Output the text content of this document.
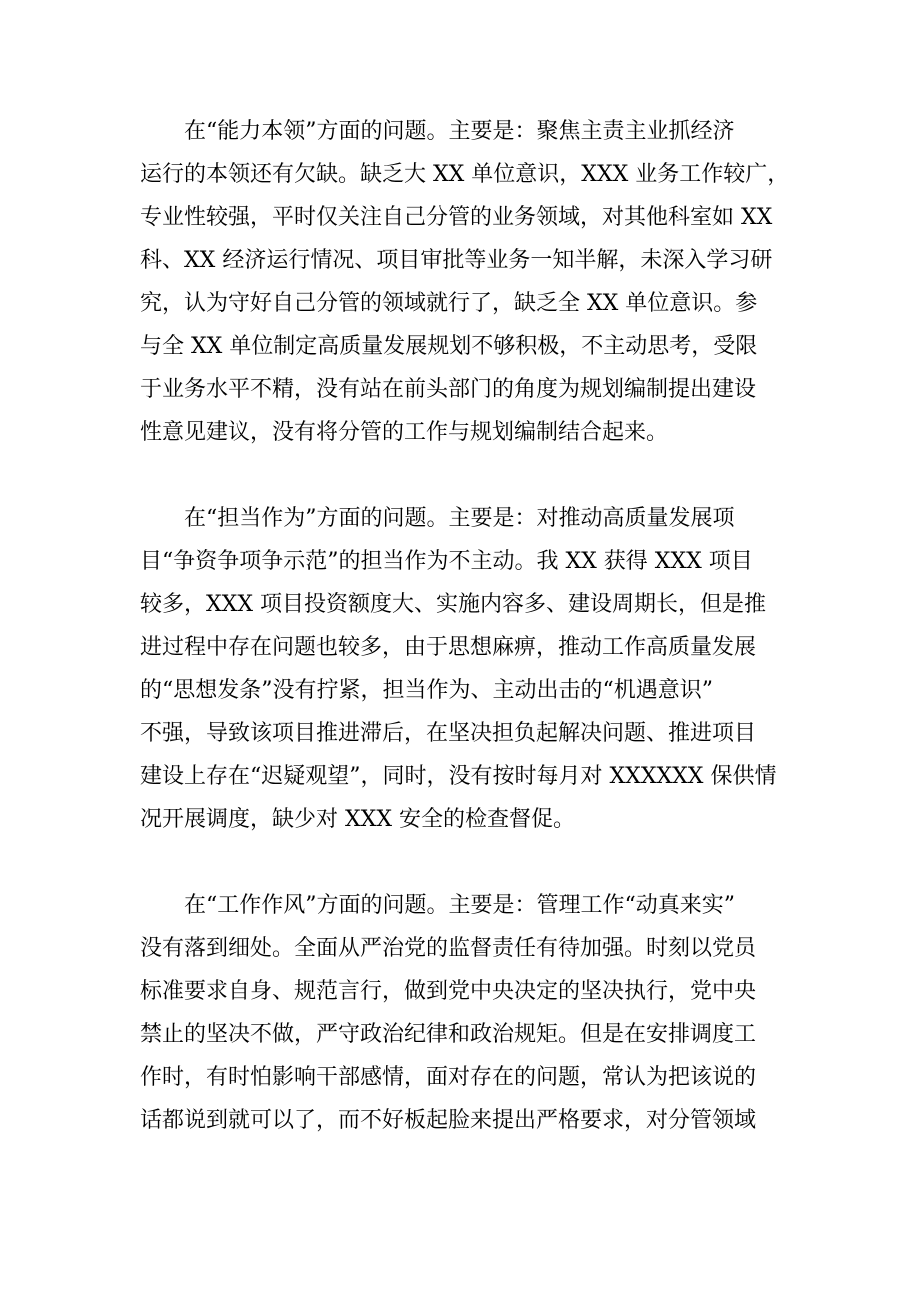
在“能力本领”方面的问题。主要是：聚焦主责主业抓经济
运行的本领还有欠缺。缺乏大 XX 单位意识，XXX 业务工作较广，
专业性较强，平时仅关注自己分管的业务领域，对其他科室如 XX
科、XX 经济运行情况、项目审批等业务一知半解，未深入学习研
究，认为守好自己分管的领域就行了，缺乏全 XX 单位意识。参
与全 XX 单位制定高质量发展规划不够积极，不主动思考，受限
于业务水平不精，没有站在前头部门的角度为规划编制提出建设
性意见建议，没有将分管的工作与规划编制结合起来。
在“担当作为”方面的问题。主要是：对推动高质量发展项
目“争资争项争示范”的担当作为不主动。我 XX 获得 XXX 项目
较多，XXX 项目投资额度大、实施内容多、建设周期长，但是推
进过程中存在问题也较多，由于思想麻痹，推动工作高质量发展
的“思想发条”没有拧紧，担当作为、主动出击的“机遇意识”
不强，导致该项目推进滞后，在坚决担负起解决问题、推进项目
建设上存在“迟疑观望”，同时，没有按时每月对 XXXXXX 保供情
况开展调度，缺少对 XXX 安全的检查督促。
在“工作作风”方面的问题。主要是：管理工作“动真来实”
没有落到细处。全面从严治党的监督责任有待加强。时刻以党员
标准要求自身、规范言行，做到党中央决定的坚决执行，党中央
禁止的坚决不做，严守政治纪律和政治规矩。但是在安排调度工
作时，有时怕影响干部感情，面对存在的问题，常认为把该说的
话都说到就可以了，而不好板起脸来提出严格要求，对分管领域
